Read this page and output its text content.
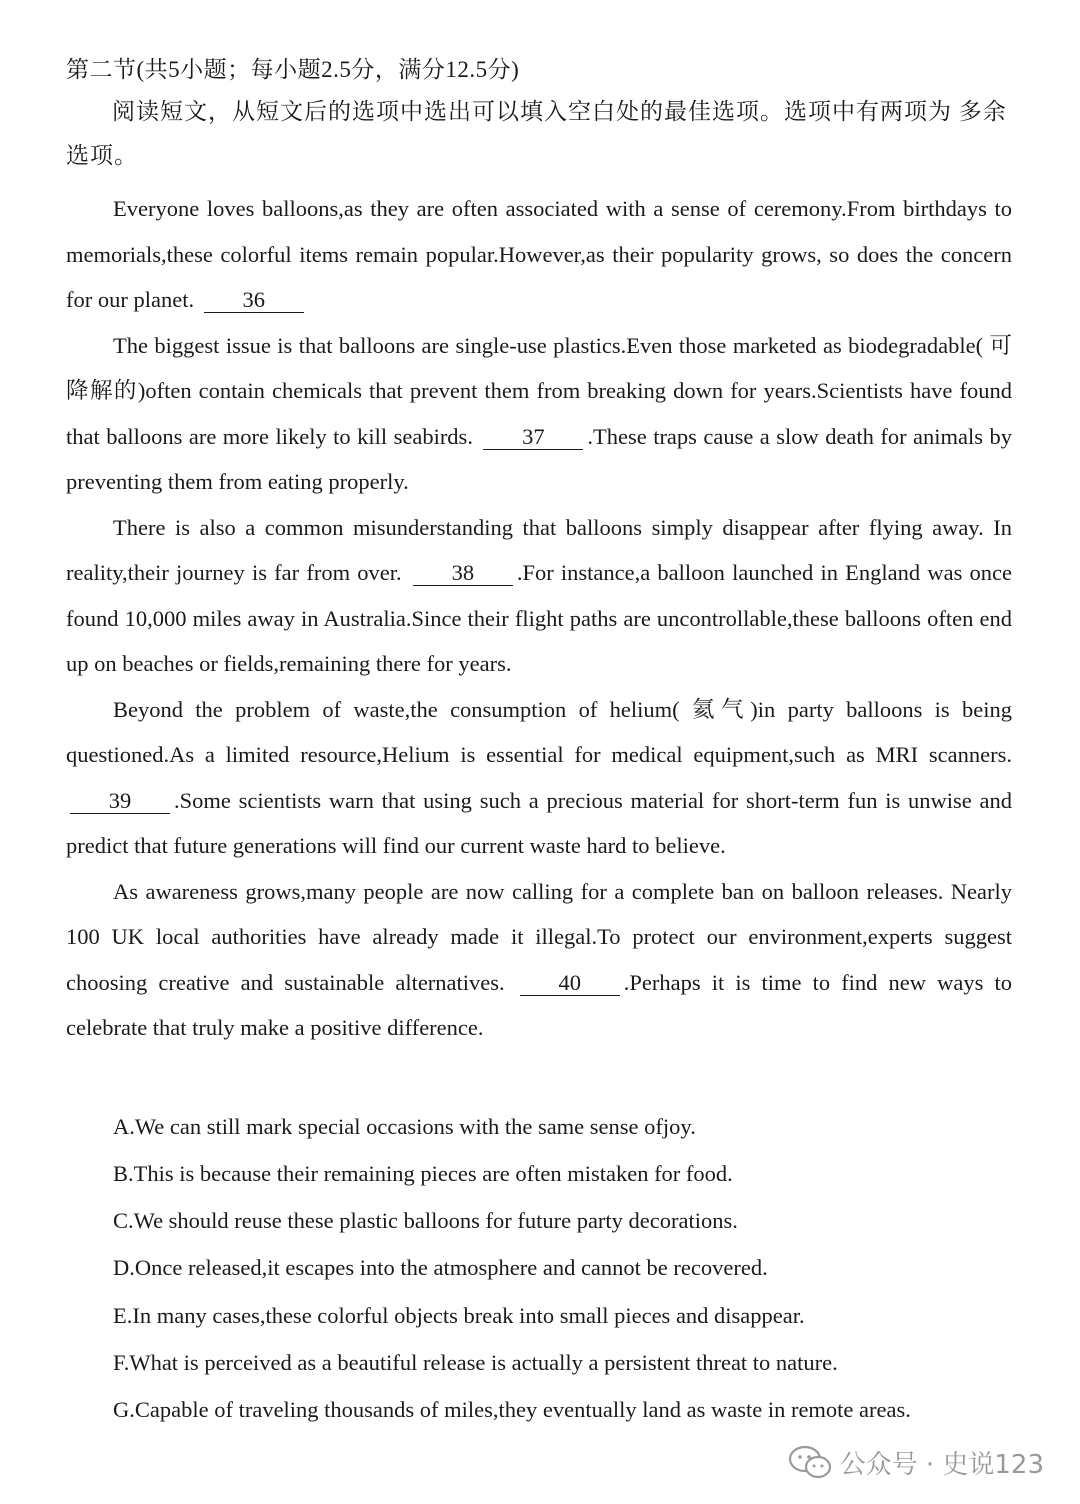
第二节(共5小题；每小题2.5分，满分12.5分)

阅读短文，从短文后的选项中选出可以填入空白处的最佳选项。选项中有两项为 多余选项。

Everyone loves balloons,as they are often associated with a sense of ceremony.From birthdays to memorials,these colorful items remain popular.However,as their popularity grows, so does the concern for our planet. 36

The biggest issue is that balloons are single-use plastics.Even those marketed as biodegradable( 可降解的)often contain chemicals that prevent them from breaking down for years.Scientists have found that balloons are more likely to kill seabirds. 37 .These traps cause a slow death for animals by preventing them from eating properly.

There is also a common misunderstanding that balloons simply disappear after flying away. In reality,their journey is far from over. 38 .For instance,a balloon launched in England was once found 10,000 miles away in Australia.Since their flight paths are uncontrollable,these balloons often end up on beaches or fields,remaining there for years.

Beyond the problem of waste,the consumption of helium( 氦气)in party balloons is being questioned.As a limited resource,Helium is essential for medical equipment,such as MRI scanners. 39 .Some scientists warn that using such a precious material for short-term fun is unwise and predict that future generations will find our current waste hard to believe.

As awareness grows,many people are now calling for a complete ban on balloon releases. Nearly 100 UK local authorities have already made it illegal.To protect our environment,experts suggest choosing creative and sustainable alternatives. 40 .Perhaps it is time to find new ways to celebrate that truly make a positive difference.

A.We can still mark special occasions with the same sense ofjoy.

B.This is because their remaining pieces are often mistaken for food.

C.We should reuse these plastic balloons for future party decorations.

D.Once released,it escapes into the atmosphere and cannot be recovered.

E.In many cases,these colorful objects break into small pieces and disappear.

F.What is perceived as a beautiful release is actually a persistent threat to nature.

G.Capable of traveling thousands of miles,they eventually land as waste in remote areas.

公众号 · 史说123
